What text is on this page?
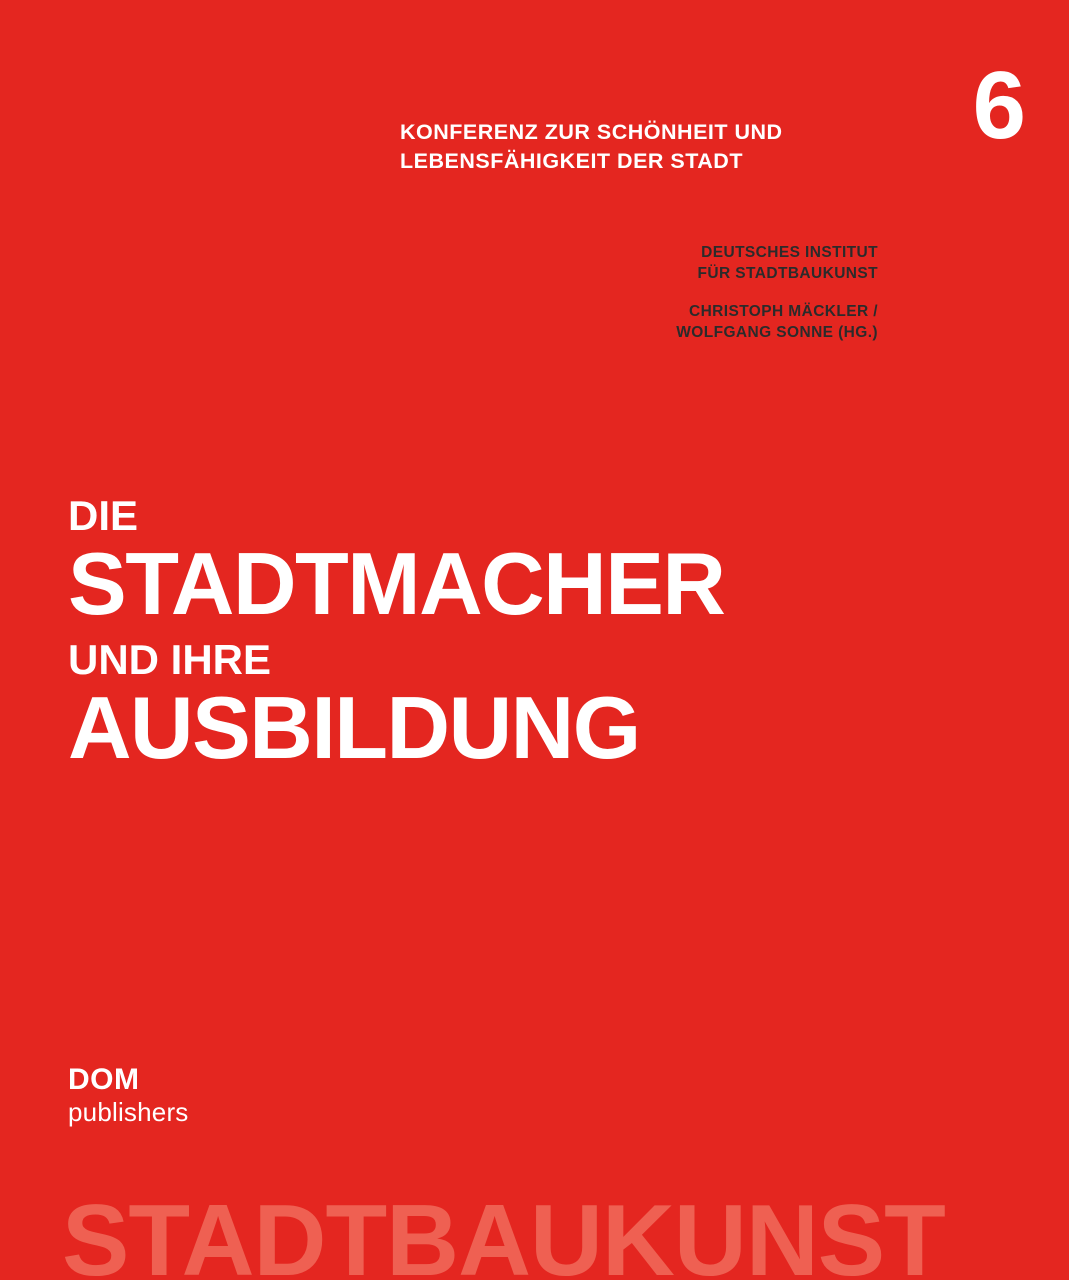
6
KONFERENZ ZUR SCHÖNHEIT UND
LEBENSFÄHIGKEIT DER STADT
DEUTSCHES INSTITUT
FÜR STADTBAUKUNST
CHRISTOPH MÄCKLER /
WOLFGANG SONNE (HG.)
DIE
STADTMACHER
UND IHRE
AUSBILDUNG
DOM
publishers
STADTBAUKUNST
